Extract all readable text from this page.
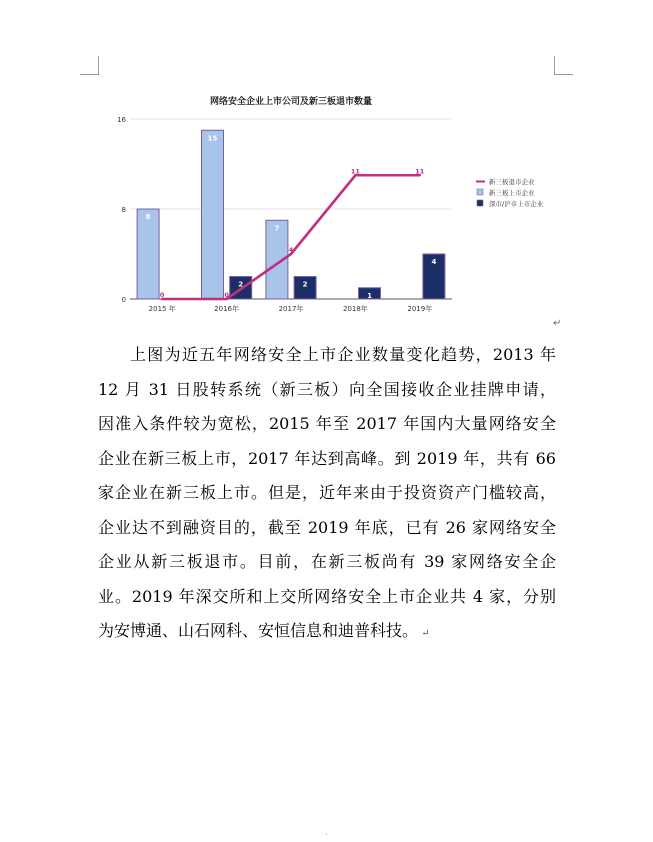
网络安全企业上市公司及新三板退市数量
0
8
16
2015 年	2016年	2017年	2018年	2019年
8
15
2
7
2
1
4
0	0
4
11	11
新三板退市企业
新三板上市企业
深市/沪市上市企业
↵
上图为近五年网络安全上市企业数量变化趋势，2013 年
12 月 31 日股转系统（新三板）向全国接收企业挂牌申请，
因准入条件较为宽松，2015 年至 2017 年国内大量网络安全
企业在新三板上市，2017 年达到高峰。到 2019 年，共有 66
家企业在新三板上市。但是，近年来由于投资资产门槛较高，
企业达不到融资目的，截至 2019 年底，已有 26 家网络安全
企业从新三板退市。目前，在新三板尚有 39 家网络安全企
业。2019 年深交所和上交所网络安全上市企业共 4 家，分别
为安博通、山石网科、安恒信息和迪普科技。 ↵
·
